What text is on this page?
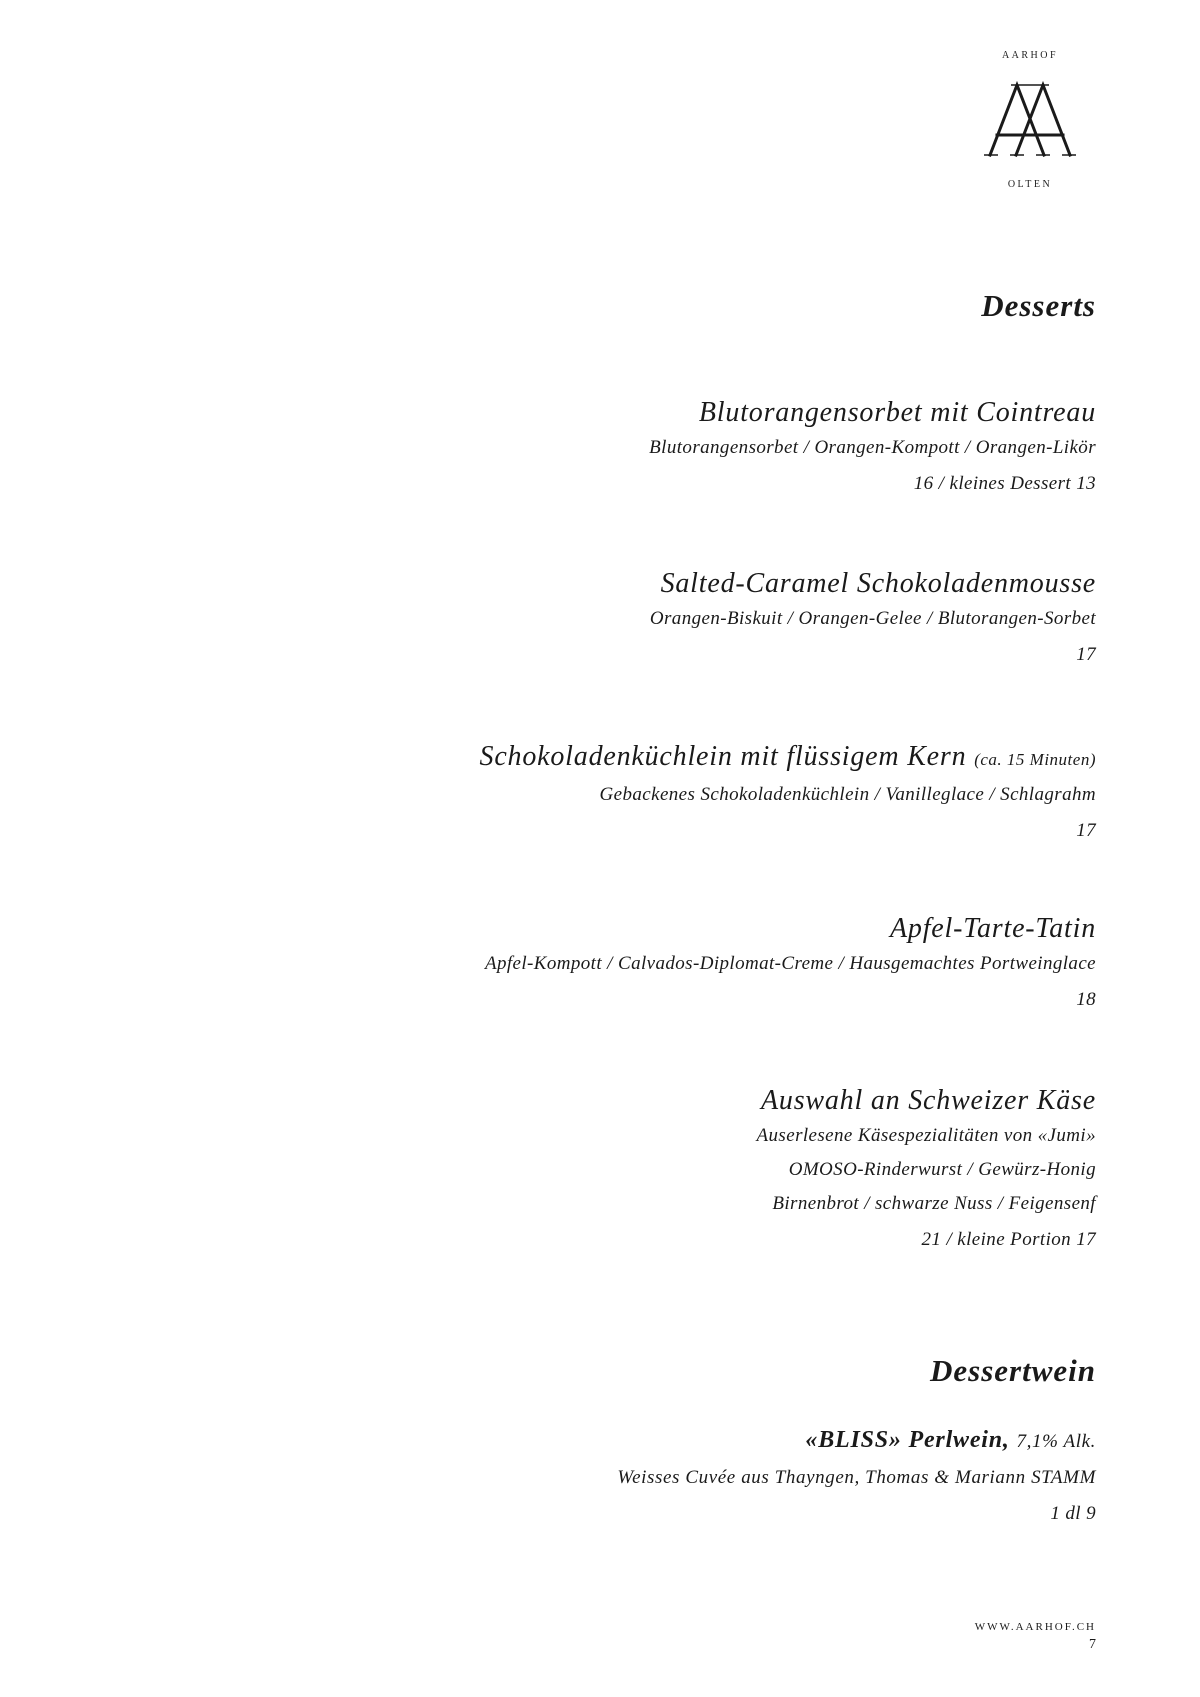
AARHOF
OLTEN
Desserts
Blutorangensorbet mit Cointreau
Blutorangensorbet / Orangen-Kompott / Orangen-Likör
16 / kleines Dessert 13
Salted-Caramel Schokoladenmousse
Orangen-Biskuit / Orangen-Gelee / Blutorangen-Sorbet
17
Schokoladenküchlein mit flüssigem Kern (ca. 15 Minuten)
Gebackenes Schokoladenküchlein / Vanilleglace / Schlagrahm
17
Apfel-Tarte-Tatin
Apfel-Kompott / Calvados-Diplomat-Creme / Hausgemachtes Portweinglace
18
Auswahl an Schweizer Käse
Auserlesene Käsespezialitäten von «Jumi»
OMOSO-Rinderwurst / Gewürz-Honig
Birnenbrot / schwarze Nuss / Feigensenf
21 / kleine Portion 17
Dessertwein
«BLISS» Perlwein, 7,1% Alk.
Weisses Cuvée aus Thayngen, Thomas & Mariann STAMM
1 dl 9
WWW.AARHOF.CH
7
